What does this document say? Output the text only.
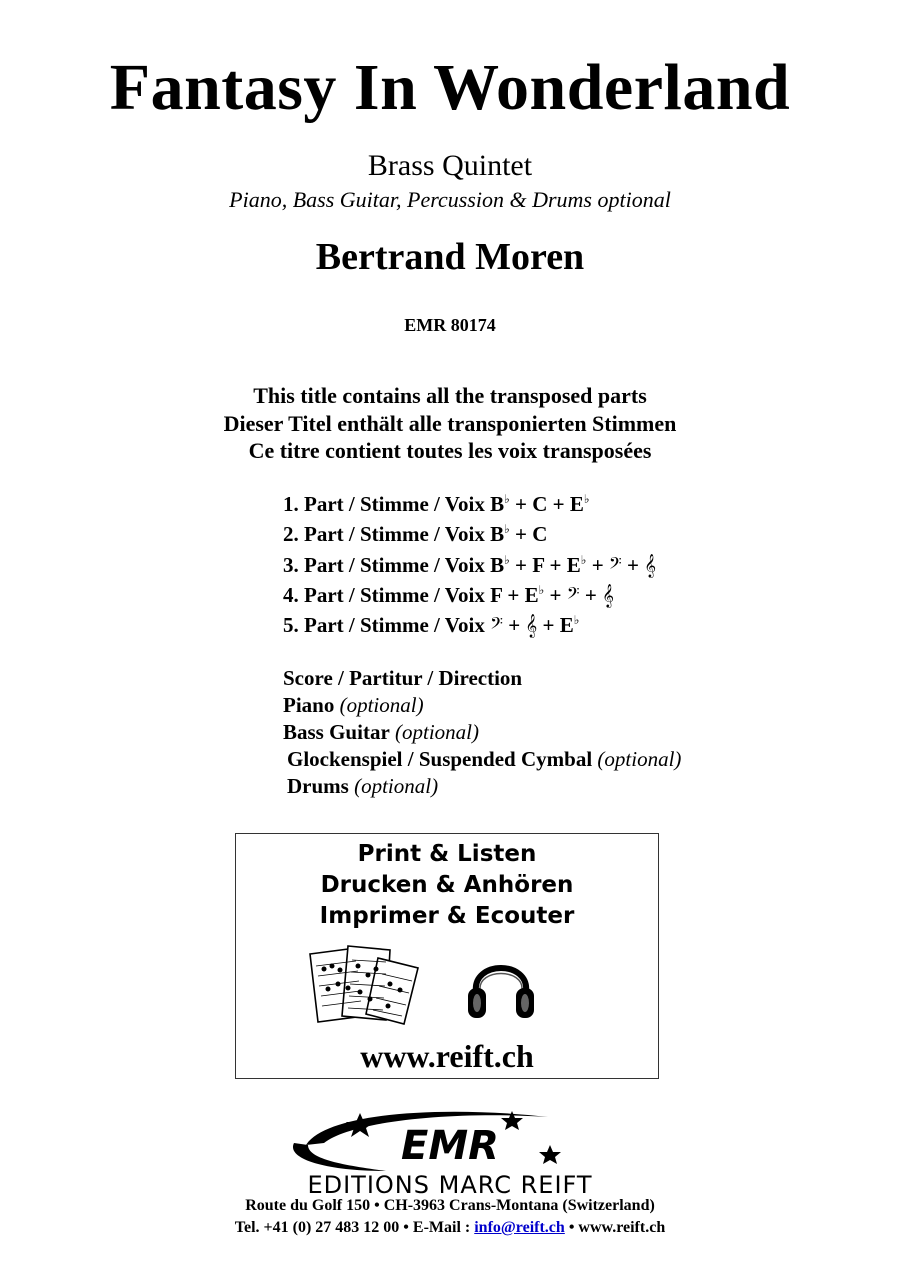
Fantasy In Wonderland
Brass Quintet
Piano, Bass Guitar, Percussion & Drums optional
Bertrand Moren
EMR 80174
This title contains all the transposed parts
Dieser Titel enthält alle transponierten Stimmen
Ce titre contient toutes les voix transposées
1. Part / Stimme / Voix B♭ + C + E♭
2. Part / Stimme / Voix B♭ + C
3. Part / Stimme / Voix B♭ + F + E♭ + 𝄢 + 𝄞
4. Part / Stimme / Voix F + E♭ + 𝄢 + 𝄞
5. Part / Stimme / Voix 𝄢 + 𝄞 + E♭
Score / Partitur / Direction
Piano (optional)
Bass Guitar (optional)
Glockenspiel / Suspended Cymbal (optional)
Drums (optional)
Print & Listen
Drucken & Anhören
Imprimer & Ecouter
www.reift.ch
EMR
EDITIONS MARC REIFT
Route du Golf 150 • CH-3963 Crans-Montana (Switzerland)
Tel. +41 (0) 27 483 12 00 • E-Mail : info@reift.ch • www.reift.ch
